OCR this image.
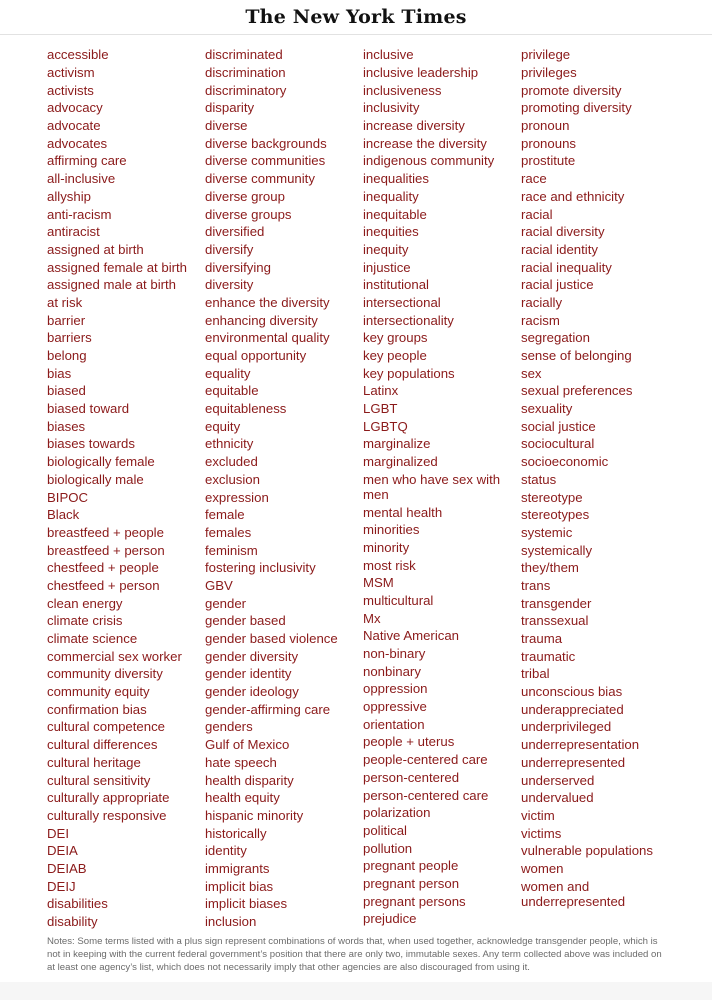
The New York Times
accessible
activism
activists
advocacy
advocate
advocates
affirming care
all-inclusive
allyship
anti-racism
antiracist
assigned at birth
assigned female at birth
assigned male at birth
at risk
barrier
barriers
belong
bias
biased
biased toward
biases
biases towards
biologically female
biologically male
BIPOC
Black
breastfeed + people
breastfeed + person
chestfeed + people
chestfeed + person
clean energy
climate crisis
climate science
commercial sex worker
community diversity
community equity
confirmation bias
cultural competence
cultural differences
cultural heritage
cultural sensitivity
culturally appropriate
culturally responsive
DEI
DEIA
DEIAB
DEIJ
disabilities
disability
discriminated
discrimination
discriminatory
disparity
diverse
diverse backgrounds
diverse communities
diverse community
diverse group
diverse groups
diversified
diversify
diversifying
diversity
enhance the diversity
enhancing diversity
environmental quality
equal opportunity
equality
equitable
equitableness
equity
ethnicity
excluded
exclusion
expression
female
females
feminism
fostering inclusivity
GBV
gender
gender based
gender based violence
gender diversity
gender identity
gender ideology
gender-affirming care
genders
Gulf of Mexico
hate speech
health disparity
health equity
hispanic minority
historically
identity
immigrants
implicit bias
implicit biases
inclusion
inclusive
inclusive leadership
inclusiveness
inclusivity
increase diversity
increase the diversity
indigenous community
inequalities
inequality
inequitable
inequities
inequity
injustice
institutional
intersectional
intersectionality
key groups
key people
key populations
Latinx
LGBT
LGBTQ
marginalize
marginalized
men who have sex with men
mental health
minorities
minority
most risk
MSM
multicultural
Mx
Native American
non-binary
nonbinary
oppression
oppressive
orientation
people + uterus
people-centered care
person-centered
person-centered care
polarization
political
pollution
pregnant people
pregnant person
pregnant persons
prejudice
privilege
privileges
promote diversity
promoting diversity
pronoun
pronouns
prostitute
race
race and ethnicity
racial
racial diversity
racial identity
racial inequality
racial justice
racially
racism
segregation
sense of belonging
sex
sexual preferences
sexuality
social justice
sociocultural
socioeconomic
status
stereotype
stereotypes
systemic
systemically
they/them
trans
transgender
transsexual
trauma
traumatic
tribal
unconscious bias
underappreciated
underprivileged
underrepresentation
underrepresented
underserved
undervalued
victim
victims
vulnerable populations
women
women and underrepresented
Notes: Some terms listed with a plus sign represent combinations of words that, when used together, acknowledge transgender people, which is not in keeping with the current federal government’s position that there are only two, immutable sexes. Any term collected above was included on at least one agency’s list, which does not necessarily imply that other agencies are also discouraged from using it.
